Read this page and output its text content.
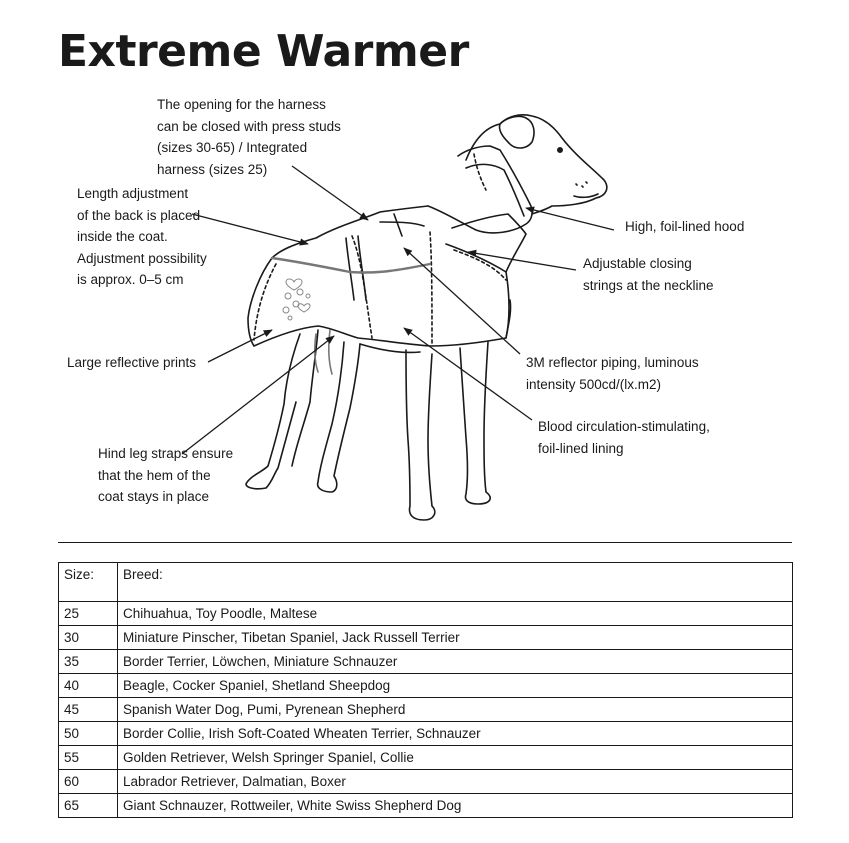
Extreme Warmer
The opening for the harness
can be closed with press studs
(sizes 30-65) / Integrated
harness (sizes 25)
Length adjustment
of the back is placed
inside the coat.
Adjustment possibility
is approx. 0–5 cm
High, foil-lined hood
Adjustable closing
strings at the neckline
Large reflective prints	3M reflector piping, luminous
intensity 500cd/(lx.m2)
Hind leg straps ensure
that the hem of the
coat stays in place
Blood circulation-stimulating,
foil-lined lining
Size:	Breed:
25	Chihuahua, Toy Poodle, Maltese
30	Miniature Pinscher, Tibetan Spaniel, Jack Russell Terrier
35	Border Terrier, Löwchen, Miniature Schnauzer
40	Beagle, Cocker Spaniel, Shetland Sheepdog
45	Spanish Water Dog, Pumi, Pyrenean Shepherd
50	Border Collie, Irish Soft-Coated Wheaten Terrier, Schnauzer
55	Golden Retriever, Welsh Springer Spaniel, Collie
60	Labrador Retriever, Dalmatian, Boxer
65	Giant Schnauzer, Rottweiler, White Swiss Shepherd Dog
